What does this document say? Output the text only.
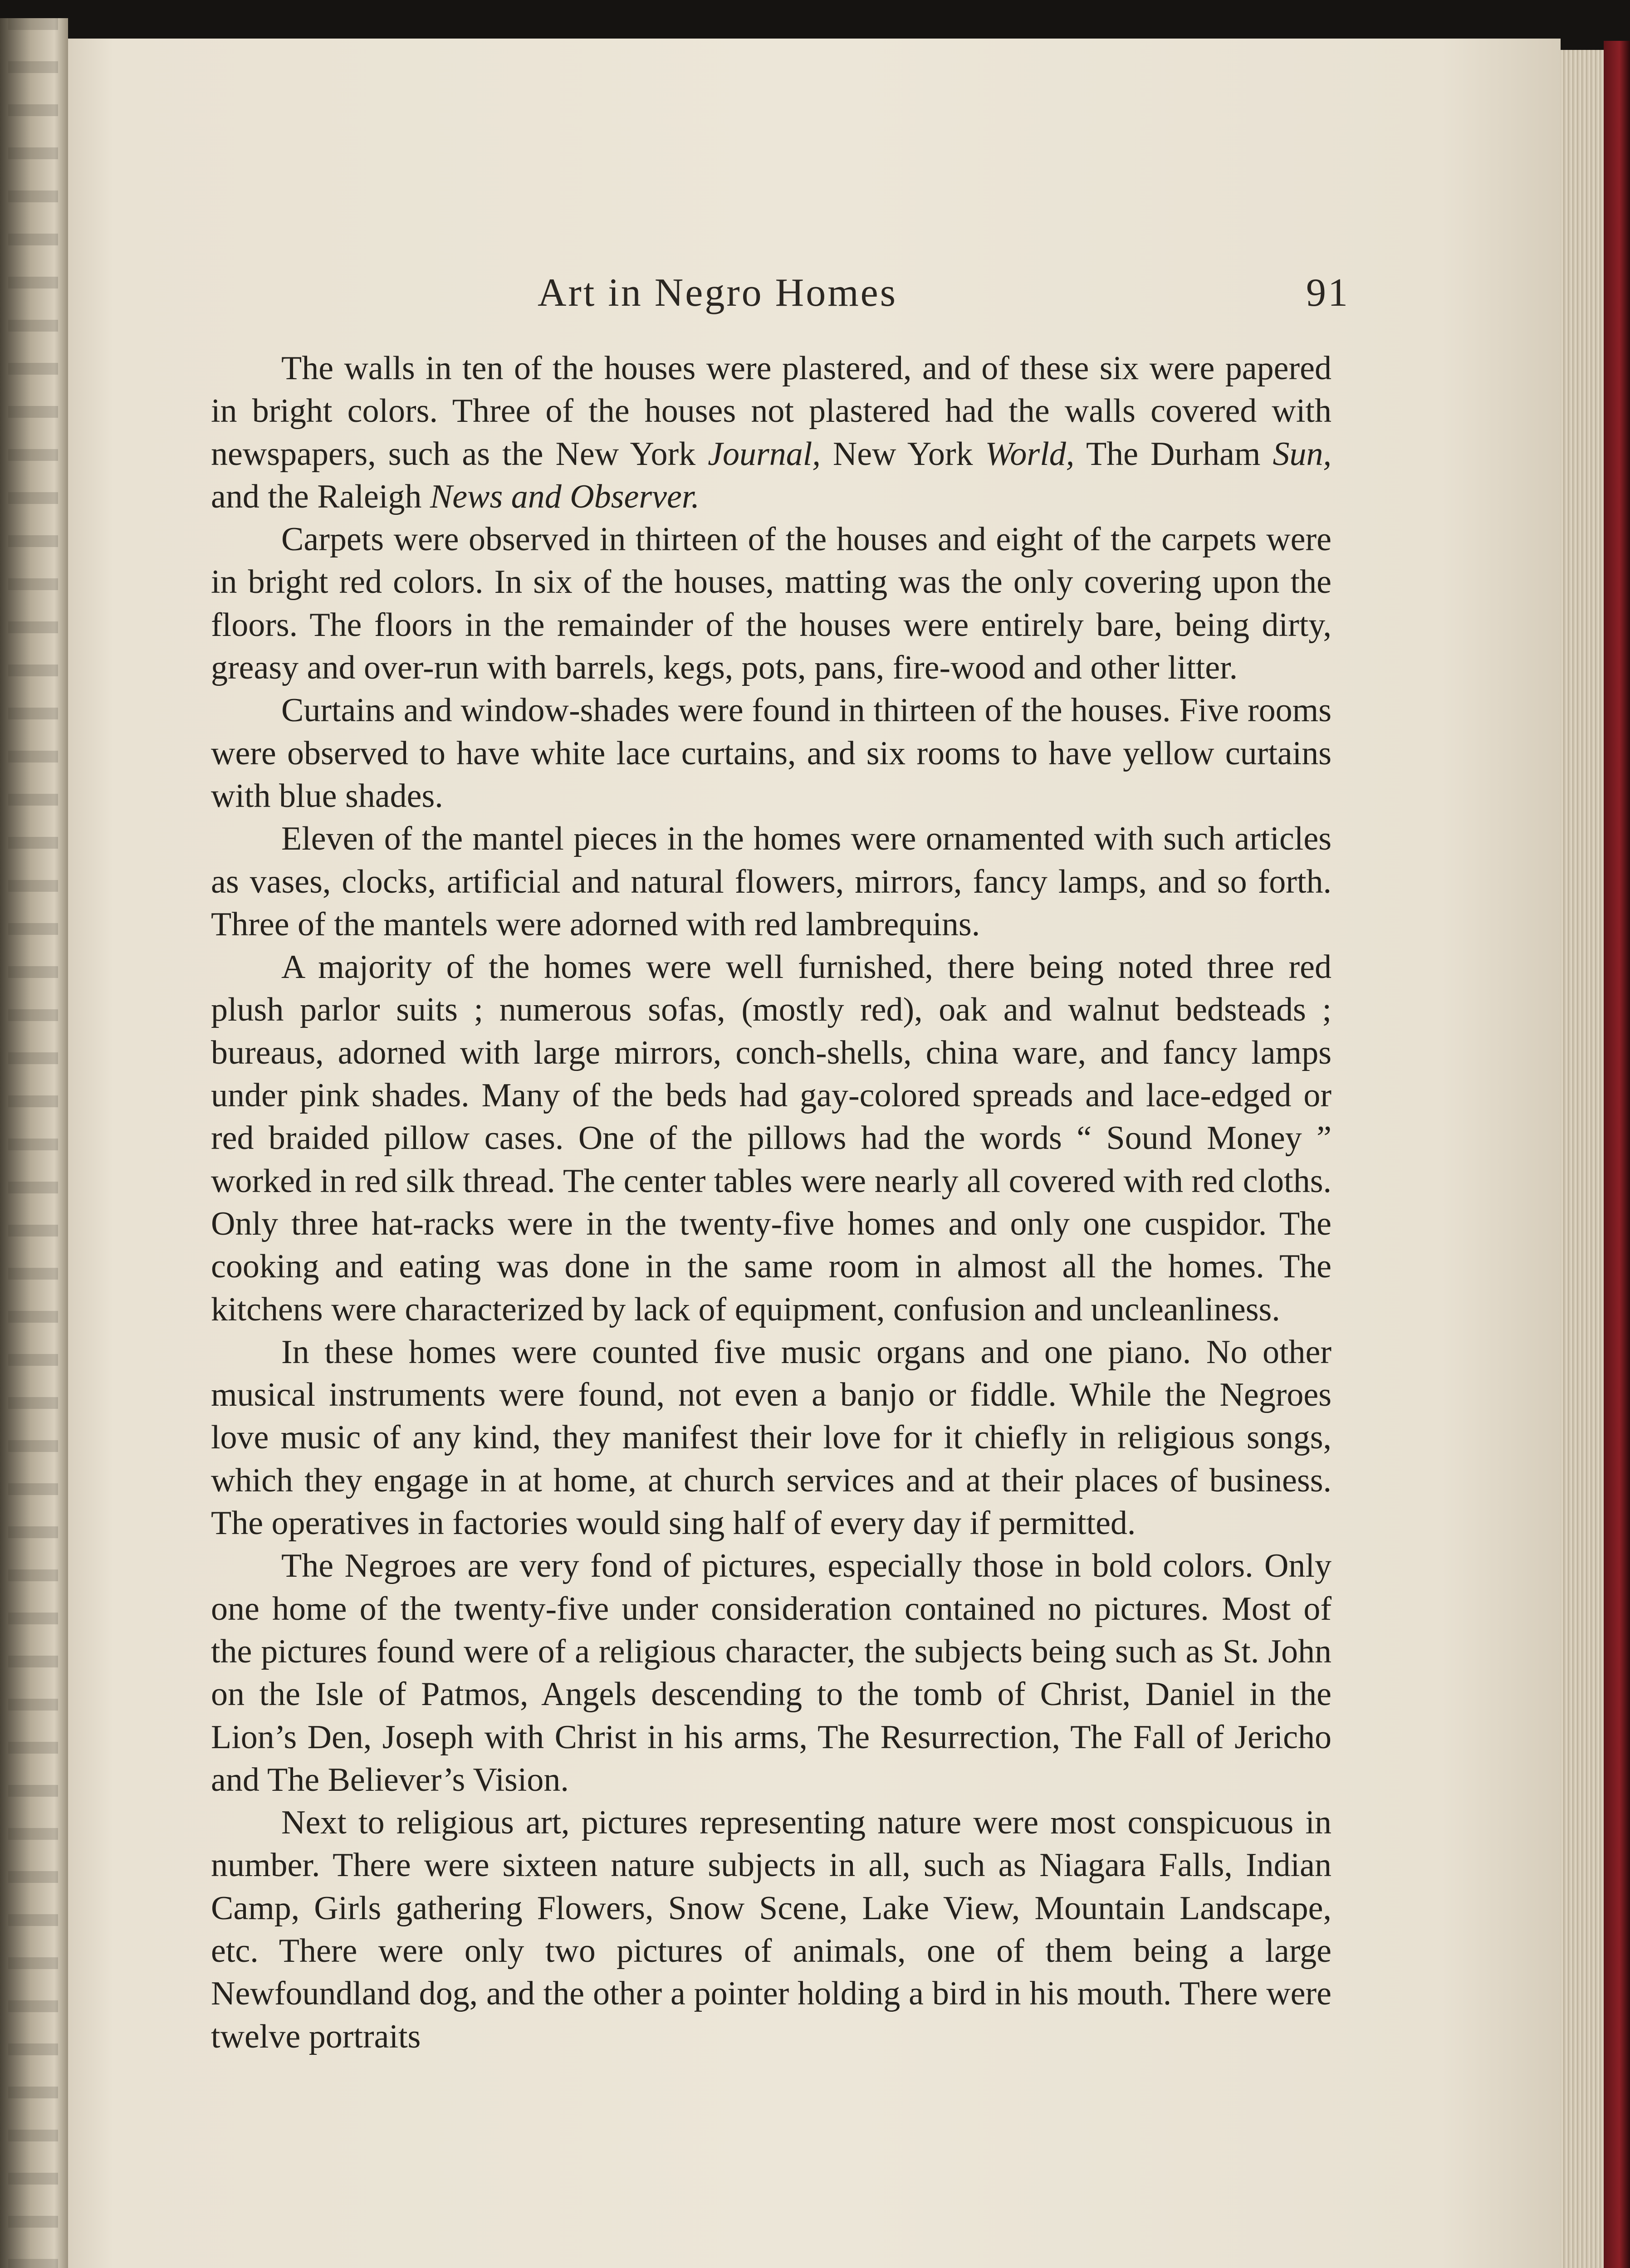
Art in Negro Homes	91

The walls in ten of the houses were plastered, and of these six were papered in bright colors. Three of the houses not plastered had the walls covered with newspapers, such as the New York Journal, New York World, The Durham Sun, and the Raleigh News and Observer.

Carpets were observed in thirteen of the houses and eight of the carpets were in bright red colors. In six of the houses, matting was the only covering upon the floors. The floors in the remainder of the houses were entirely bare, being dirty, greasy and over-run with barrels, kegs, pots, pans, fire-wood and other litter.

Curtains and window-shades were found in thirteen of the houses. Five rooms were observed to have white lace curtains, and six rooms to have yellow curtains with blue shades.

Eleven of the mantel pieces in the homes were ornamented with such articles as vases, clocks, artificial and natural flowers, mirrors, fancy lamps, and so forth. Three of the mantels were adorned with red lambrequins.

A majority of the homes were well furnished, there being noted three red plush parlor suits ; numerous sofas, (mostly red), oak and walnut bedsteads ; bureaus, adorned with large mirrors, conch-shells, china ware, and fancy lamps under pink shades. Many of the beds had gay-colored spreads and lace-edged or red braided pillow cases. One of the pillows had the words “ Sound Money ” worked in red silk thread. The center tables were nearly all covered with red cloths. Only three hat-racks were in the twenty-five homes and only one cuspidor. The cooking and eating was done in the same room in almost all the homes. The kitchens were characterized by lack of equipment, confusion and uncleanliness.

In these homes were counted five music organs and one piano. No other musical instruments were found, not even a banjo or fiddle. While the Negroes love music of any kind, they manifest their love for it chiefly in religious songs, which they engage in at home, at church services and at their places of business. The operatives in factories would sing half of every day if permitted.

The Negroes are very fond of pictures, especially those in bold colors. Only one home of the twenty-five under consideration contained no pictures. Most of the pictures found were of a religious character, the subjects being such as St. John on the Isle of Patmos, Angels descending to the tomb of Christ, Daniel in the Lion’s Den, Joseph with Christ in his arms, The Resurrection, The Fall of Jericho and The Believer’s Vision.

Next to religious art, pictures representing nature were most conspicuous in number. There were sixteen nature subjects in all, such as Niagara Falls, Indian Camp, Girls gathering Flowers, Snow Scene, Lake View, Mountain Landscape, etc. There were only two pictures of animals, one of them being a large Newfoundland dog, and the other a pointer holding a bird in his mouth. There were twelve portraits
